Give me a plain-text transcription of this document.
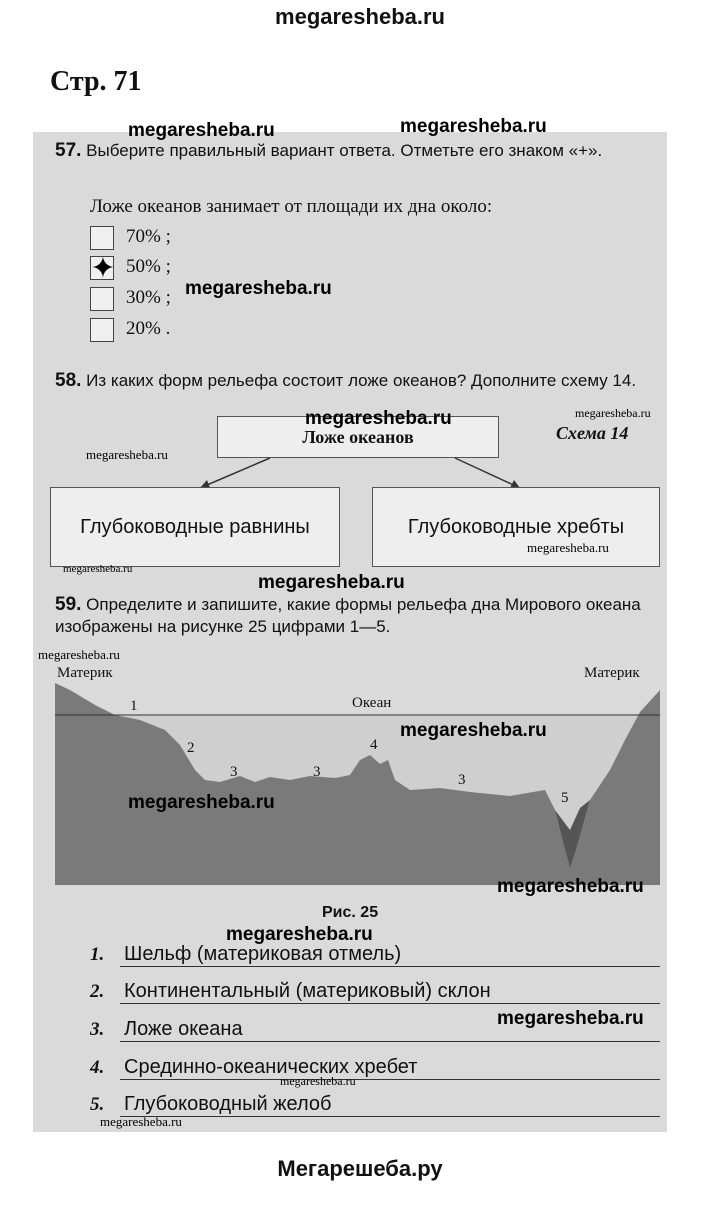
megaresheba.ru
Стр. 71
57. Выберите правильный вариант ответа. Отметьте его знаком «+».
Ложе океанов занимает от площади их дна около:
70% ;
✦ 50% ;
30% ;
20% .
58. Из каких форм рельефа состоит ложе океанов? Дополните схему 14.
Схема 14
Ложе океанов
Глубоководные равнины	Глубоководные хребты
59. Определите и запишите, какие формы рельефа дна Мирового океана изображены на рисунке 25 цифрами 1—5.
Материк	Материк
Океан
1
2
3	3
4
3
5
Рис. 25
1. Шельф (материковая отмель)
2. Континентальный (материковый) склон
3. Ложе океана
4. Срединно-океанических хребет
5. Глубоководный желоб
megaresheba.ru	megaresheba.ru
megaresheba.ru
megaresheba.ru
megaresheba.ru
megaresheba.ru
megaresheba.ru
megaresheba.ru
megaresheba.ru
megaresheba.ru
megaresheba.ru
megaresheba.ru
megaresheba.ru
megaresheba.ru
megaresheba.ru
megaresheba.ru
megaresheba.ru
Мегарешеба.ру
